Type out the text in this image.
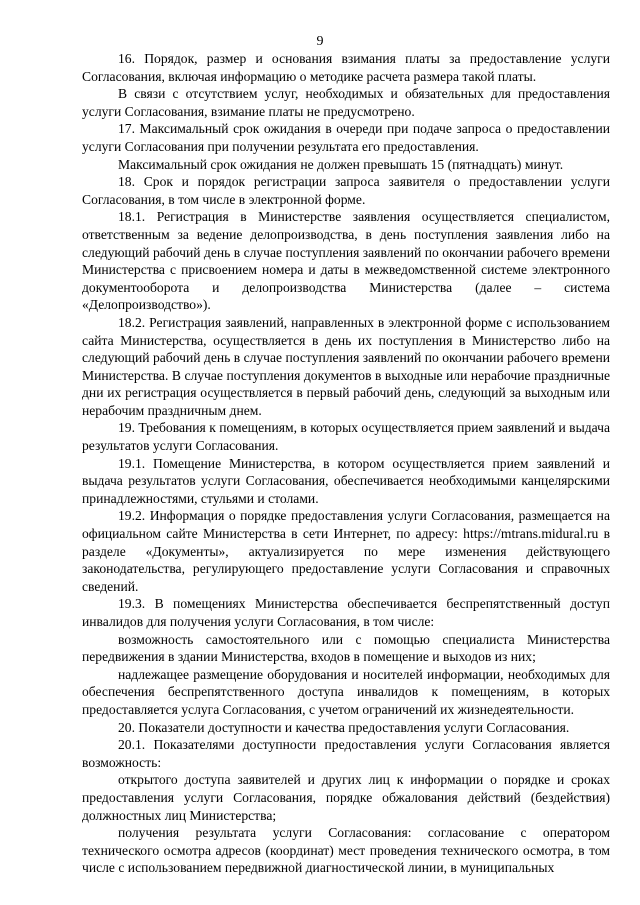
9

16. Порядок, размер и основания взимания платы за предоставление услуги Согласования, включая информацию о методике расчета размера такой платы.

В связи с отсутствием услуг, необходимых и обязательных для предоставления услуги Согласования, взимание платы не предусмотрено.

17. Максимальный срок ожидания в очереди при подаче запроса о предоставлении услуги Согласования при получении результата его предоставления.

Максимальный срок ожидания не должен превышать 15 (пятнадцать) минут.

18. Срок и порядок регистрации запроса заявителя о предоставлении услуги Согласования, в том числе в электронной форме.

18.1. Регистрация в Министерстве заявления осуществляется специалистом, ответственным за ведение делопроизводства, в день поступления заявления либо на следующий рабочий день в случае поступления заявлений по окончании рабочего времени Министерства с присвоением номера и даты в межведомственной системе электронного документооборота и делопроизводства Министерства (далее – система «Делопроизводство»).

18.2. Регистрация заявлений, направленных в электронной форме с использованием сайта Министерства, осуществляется в день их поступления в Министерство либо на следующий рабочий день в случае поступления заявлений по окончании рабочего времени Министерства. В случае поступления документов в выходные или нерабочие праздничные дни их регистрация осуществляется в первый рабочий день, следующий за выходным или нерабочим праздничным днем.

19. Требования к помещениям, в которых осуществляется прием заявлений и выдача результатов услуги Согласования.

19.1. Помещение Министерства, в котором осуществляется прием заявлений и выдача результатов услуги Согласования, обеспечивается необходимыми канцелярскими принадлежностями, стульями и столами.

19.2. Информация о порядке предоставления услуги Согласования, размещается на официальном сайте Министерства в сети Интернет, по адресу: https://mtrans.midural.ru в разделе «Документы», актуализируется по мере изменения действующего законодательства, регулирующего предоставление услуги Согласования и справочных сведений.

19.3. В помещениях Министерства обеспечивается беспрепятственный доступ инвалидов для получения услуги Согласования, в том числе:

возможность самостоятельного или с помощью специалиста Министерства передвижения в здании Министерства, входов в помещение и выходов из них;

надлежащее размещение оборудования и носителей информации, необходимых для обеспечения беспрепятственного доступа инвалидов к помещениям, в которых предоставляется услуга Согласования, с учетом ограничений их жизнедеятельности.

20. Показатели доступности и качества предоставления услуги Согласования.

20.1. Показателями доступности предоставления услуги Согласования является возможность:

открытого доступа заявителей и других лиц к информации о порядке и сроках предоставления услуги Согласования, порядке обжалования действий (бездействия) должностных лиц Министерства;

получения результата услуги Согласования: согласование с оператором технического осмотра адресов (координат) мест проведения технического осмотра, в том числе с использованием передвижной диагностической линии, в муниципальных
